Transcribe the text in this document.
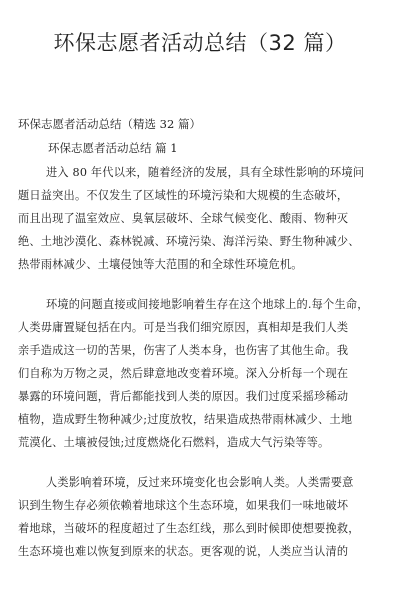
环保志愿者活动总结（32 篇）
环保志愿者活动总结（精选 32 篇）
环保志愿者活动总结 篇 1
进入 80 年代以来，随着经济的发展，具有全球性影响的环境问
题日益突出。不仅发生了区域性的环境污染和大规模的生态破坏，
而且出现了温室效应、臭氧层破坏、全球气候变化、酸雨、物种灭
绝、土地沙漠化、森林锐减、环境污染、海洋污染、野生物种减少、
热带雨林减少、土壤侵蚀等大范围的和全球性环境危机。
环境的问题直接或间接地影响着生存在这个地球上的.每个生命，
人类毋庸置疑包括在内。可是当我们细究原因，真相却是我们人类
亲手造成这一切的苦果，伤害了人类本身，也伤害了其他生命。我
们自称为万物之灵，然后肆意地改变着环境。深入分析每一个现在
暴露的环境问题，背后都能找到人类的原因。我们过度采摇珍稀动
植物，造成野生物种减少;过度放牧，结果造成热带雨林减少、土地
荒漠化、土壤被侵蚀;过度燃烧化石燃料，造成大气污染等等。
人类影响着环境，反过来环境变化也会影响人类。人类需要意
识到生物生存必须依赖着地球这个生态环境，如果我们一味地破坏
着地球，当破坏的程度超过了生态红线，那么到时候即使想要挽救，
生态环境也难以恢复到原来的状态。更客观的说，人类应当认清的
